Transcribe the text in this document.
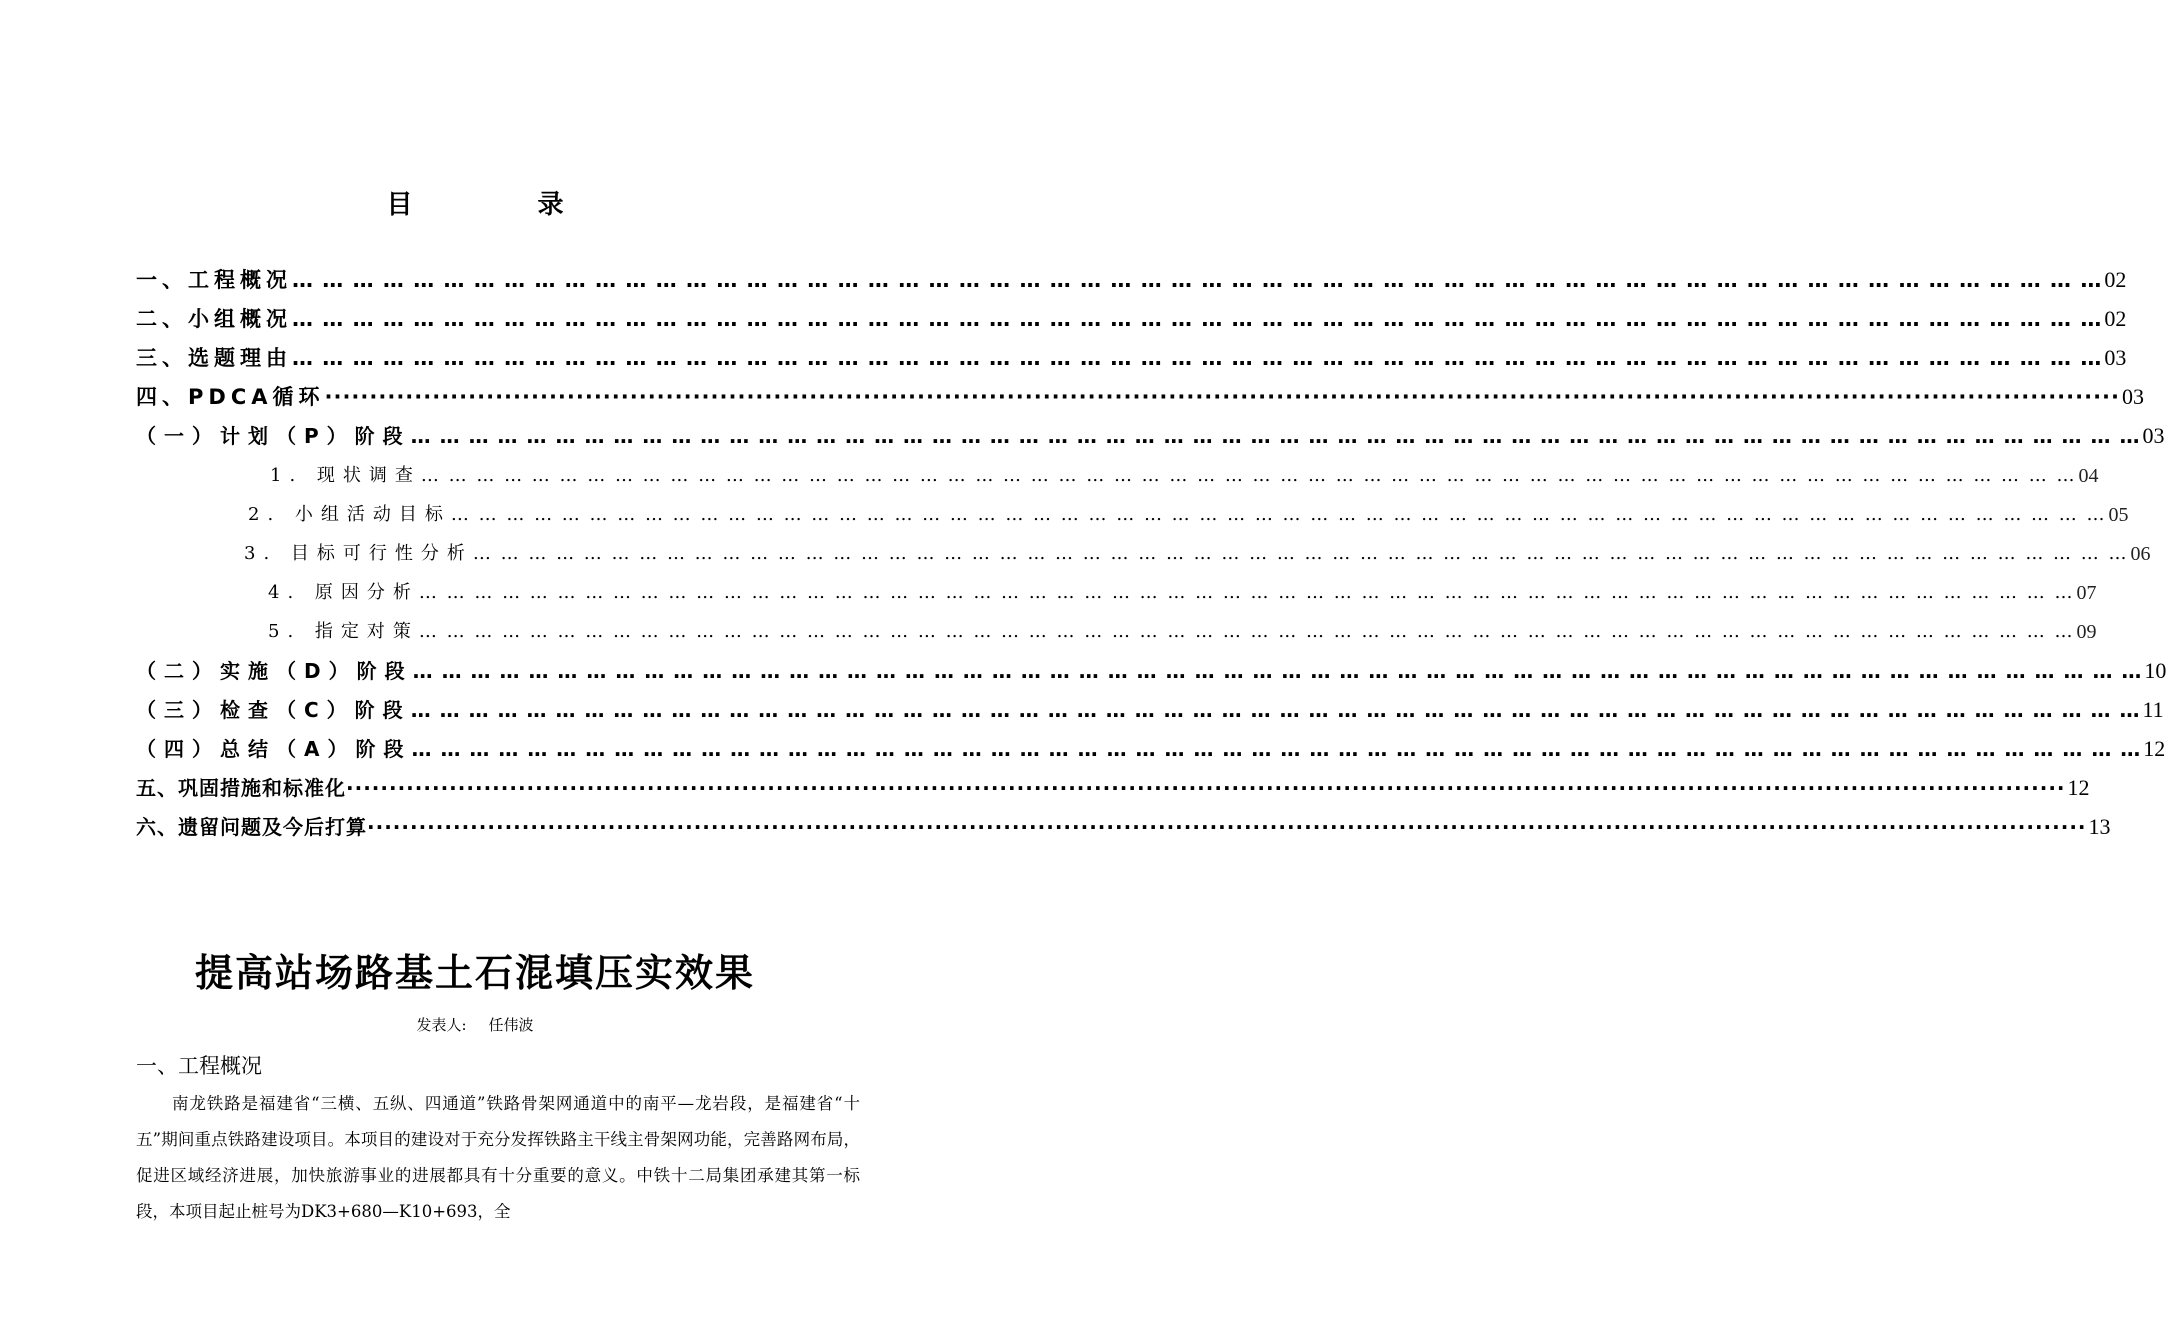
目 录
一、工程概况 … … … … … … … … … … … … … … … … … … … … … … … … … … … … … … … … … … … … … … … … … … … … … … … … … … … … … … … … … … … … 02
二、小组概况 … … … … … … … … … … … … … … … … … … … … … … … … … … … … … … … … … … … … … … … … … … … … … … … … … … … … … … … … … … … … 02
三、选题理由 … … … … … … … … … … … … … … … … … … … … … … … … … … … … … … … … … … … … … … … … … … … … … … … … … … … … … … … … … … … … 03
四、PDCA循环 ········································································································································································································ 03
（一）计划（P）阶段 … … … … … … … … … … … … … … … … … … … … … … … … … … … … … … … … … … … … … … … … … … … … … … … … … … … … … … … … … … … … 03
1. 现状调查 … … … … … … … … … … … … … … … … … … … … … … … … … … … … … … … … … … … … … … … … … … … … … … … … … … … … … … … … … … … … 04
2. 小组活动目标 … … … … … … … … … … … … … … … … … … … … … … … … … … … … … … … … … … … … … … … … … … … … … … … … … … … … … … … … … … … … 05
3. 目标可行性分析 … … … … … … … … … … … … … … … … … … … … … … … … … … … … … … … … … … … … … … … … … … … … … … … … … … … … … … … … … … … … 06
4. 原因分析 … … … … … … … … … … … … … … … … … … … … … … … … … … … … … … … … … … … … … … … … … … … … … … … … … … … … … … … … … … … … 07
5. 指定对策 … … … … … … … … … … … … … … … … … … … … … … … … … … … … … … … … … … … … … … … … … … … … … … … … … … … … … … … … … … … … 09
（二）实施（D）阶段 … … … … … … … … … … … … … … … … … … … … … … … … … … … … … … … … … … … … … … … … … … … … … … … … … … … … … … … … … … … … 10
（三）检查（C）阶段 … … … … … … … … … … … … … … … … … … … … … … … … … … … … … … … … … … … … … … … … … … … … … … … … … … … … … … … … … … … … 11
（四）总结（A）阶段 … … … … … … … … … … … … … … … … … … … … … … … … … … … … … … … … … … … … … … … … … … … … … … … … … … … … … … … … … … … … 12
五、巩固措施和标准化 ········································································································································································································ 12
六、遗留问题及今后打算 ········································································································································································································ 13
提高站场路基土石混填压实效果
发表人: 任伟波
一、工程概况
南龙铁路是福建省“三横、五纵、四通道”铁路骨架网通道中的南平—龙岩段，是福建省“十五”期间重点铁路建设项目。本项目的建设对于充分发挥铁路主干线主骨架网功能，完善路网布局，促进区域经济进展，加快旅游事业的进展都具有十分重要的意义。中铁十二局集团承建其第一标段，本项目起止桩号为DK3+680—K10+693，全
